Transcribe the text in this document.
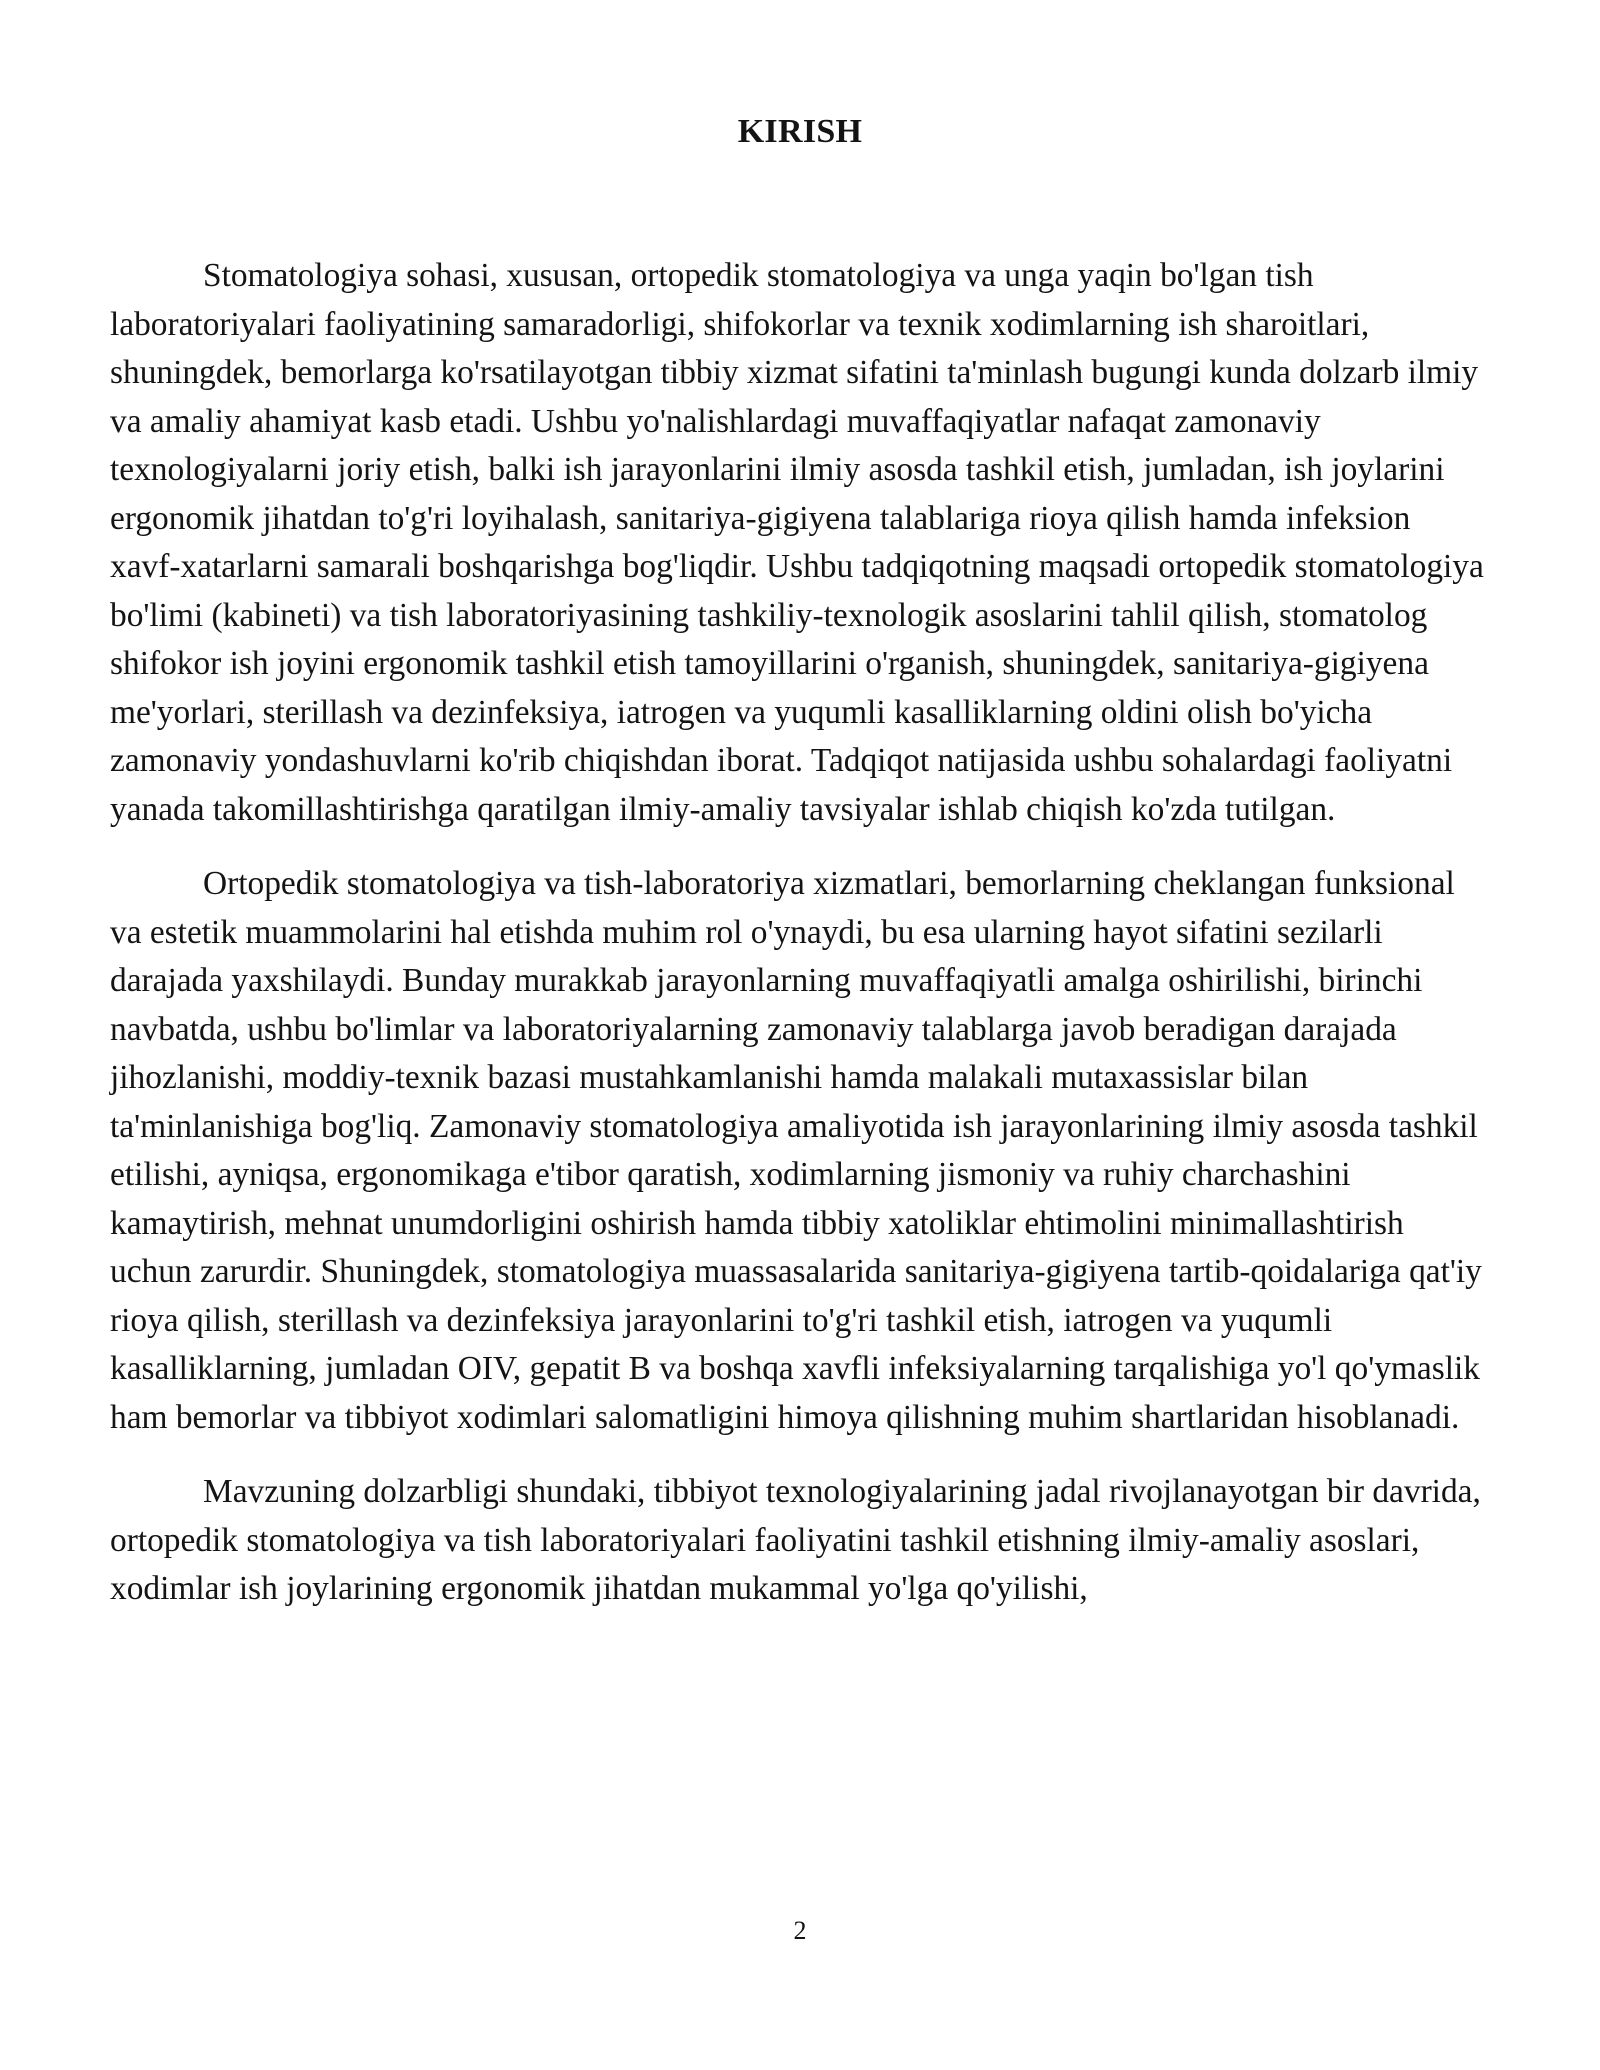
KIRISH

Stomatologiya sohasi, xususan, ortopedik stomatologiya va unga yaqin bo'lgan tish laboratoriyalari faoliyatining samaradorligi, shifokorlar va texnik xodimlarning ish sharoitlari, shuningdek, bemorlarga ko'rsatilayotgan tibbiy xizmat sifatini ta'minlash bugungi kunda dolzarb ilmiy va amaliy ahamiyat kasb etadi. Ushbu yo'nalishlardagi muvaffaqiyatlar nafaqat zamonaviy texnologiyalarni joriy etish, balki ish jarayonlarini ilmiy asosda tashkil etish, jumladan, ish joylarini ergonomik jihatdan to'g'ri loyihalash, sanitariya-gigiyena talablariga rioya qilish hamda infeksion xavf-xatarlarni samarali boshqarishga bog'liqdir. Ushbu tadqiqotning maqsadi ortopedik stomatologiya bo'limi (kabineti) va tish laboratoriyasining tashkiliy-texnologik asoslarini tahlil qilish, stomatolog shifokor ish joyini ergonomik tashkil etish tamoyillarini o'rganish, shuningdek, sanitariya-gigiyena me'yorlari, sterillash va dezinfeksiya, iatrogen va yuqumli kasalliklarning oldini olish bo'yicha zamonaviy yondashuvlarni ko'rib chiqishdan iborat. Tadqiqot natijasida ushbu sohalardagi faoliyatni yanada takomillashtirishga qaratilgan ilmiy-amaliy tavsiyalar ishlab chiqish ko'zda tutilgan.

Ortopedik stomatologiya va tish-laboratoriya xizmatlari, bemorlarning cheklangan funksional va estetik muammolarini hal etishda muhim rol o'ynaydi, bu esa ularning hayot sifatini sezilarli darajada yaxshilaydi. Bunday murakkab jarayonlarning muvaffaqiyatli amalga oshirilishi, birinchi navbatda, ushbu bo'limlar va laboratoriyalarning zamonaviy talablarga javob beradigan darajada jihozlanishi, moddiy-texnik bazasi mustahkamlanishi hamda malakali mutaxassislar bilan ta'minlanishiga bog'liq. Zamonaviy stomatologiya amaliyotida ish jarayonlarining ilmiy asosda tashkil etilishi, ayniqsa, ergonomikaga e'tibor qaratish, xodimlarning jismoniy va ruhiy charchashini kamaytirish, mehnat unumdorligini oshirish hamda tibbiy xatoliklar ehtimolini minimallashtirish uchun zarurdir. Shuningdek, stomatologiya muassasalarida sanitariya-gigiyena tartib-qoidalariga qat'iy rioya qilish, sterillash va dezinfeksiya jarayonlarini to'g'ri tashkil etish, iatrogen va yuqumli kasalliklarning, jumladan OIV, gepatit B va boshqa xavfli infeksiyalarning tarqalishiga yo'l qo'ymaslik ham bemorlar va tibbiyot xodimlari salomatligini himoya qilishning muhim shartlaridan hisoblanadi.

Mavzuning dolzarbligi shundaki, tibbiyot texnologiyalarining jadal rivojlanayotgan bir davrida, ortopedik stomatologiya va tish laboratoriyalari faoliyatini tashkil etishning ilmiy-amaliy asoslari, xodimlar ish joylarining ergonomik jihatdan mukammal yo'lga qo'yilishi,

2
